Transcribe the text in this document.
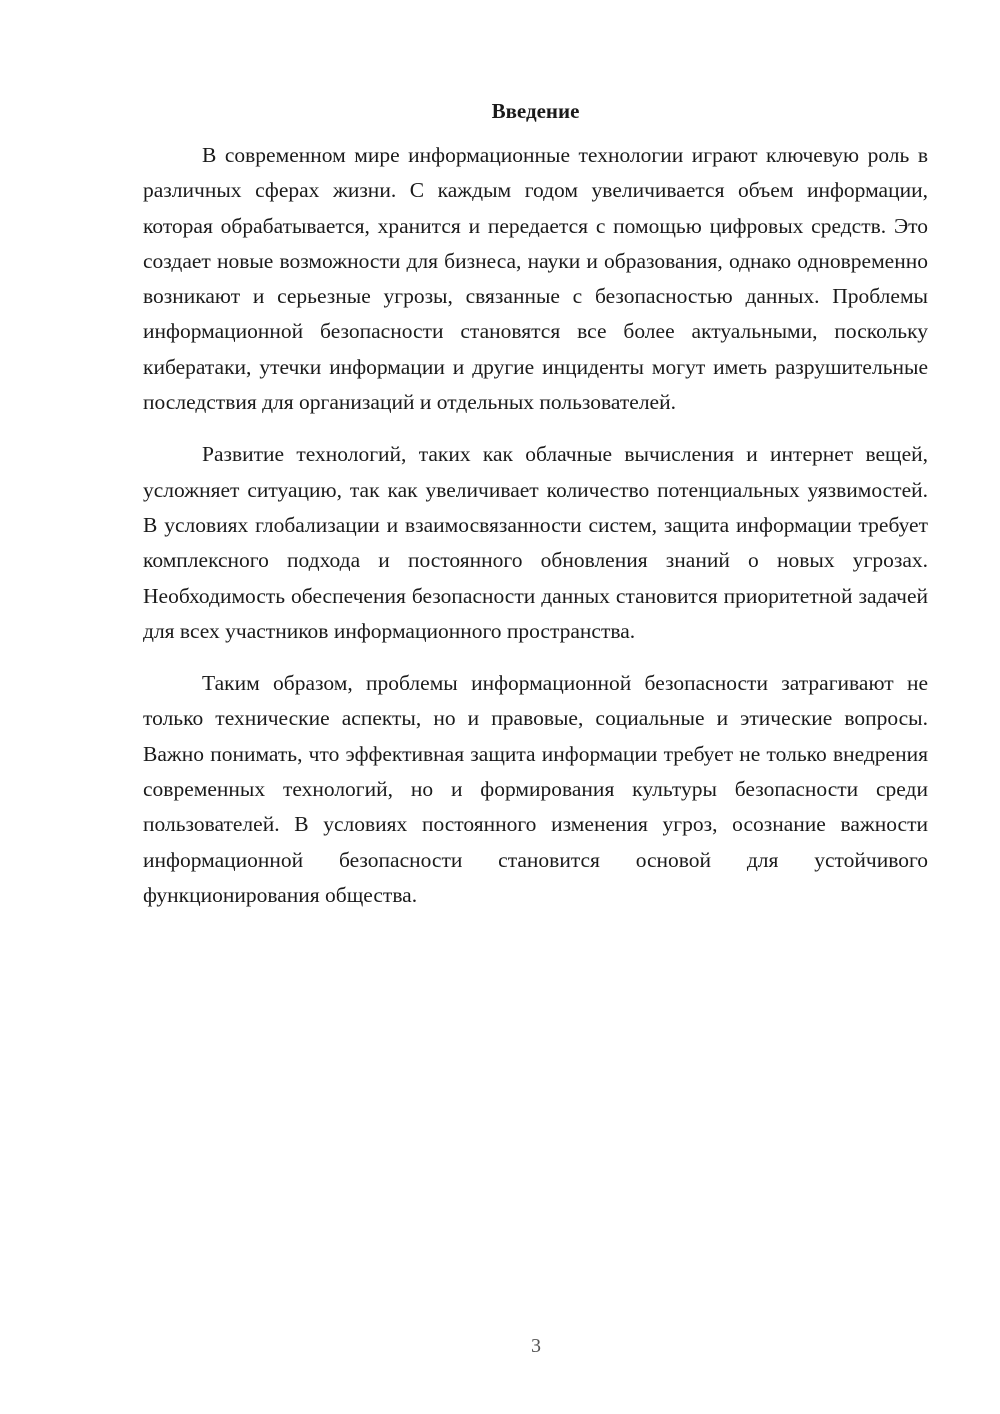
Введение

В современном мире информационные технологии играют ключевую роль в различных сферах жизни. С каждым годом увеличивается объем информации, которая обрабатывается, хранится и передается с помощью цифровых средств. Это создает новые возможности для бизнеса, науки и образования, однако одновременно возникают и серьезные угрозы, связанные с безопасностью данных. Проблемы информационной безопасности становятся все более актуальными, поскольку кибератаки, утечки информации и другие инциденты могут иметь разрушительные последствия для организаций и отдельных пользователей.

Развитие технологий, таких как облачные вычисления и интернет вещей, усложняет ситуацию, так как увеличивает количество потенциальных уязвимостей. В условиях глобализации и взаимосвязанности систем, защита информации требует комплексного подхода и постоянного обновления знаний о новых угрозах. Необходимость обеспечения безопасности данных становится приоритетной задачей для всех участников информационного пространства.

Таким образом, проблемы информационной безопасности затрагивают не только технические аспекты, но и правовые, социальные и этические вопросы. Важно понимать, что эффективная защита информации требует не только внедрения современных технологий, но и формирования культуры безопасности среди пользователей. В условиях постоянного изменения угроз, осознание важности информационной безопасности становится основой для устойчивого функционирования общества.

3
